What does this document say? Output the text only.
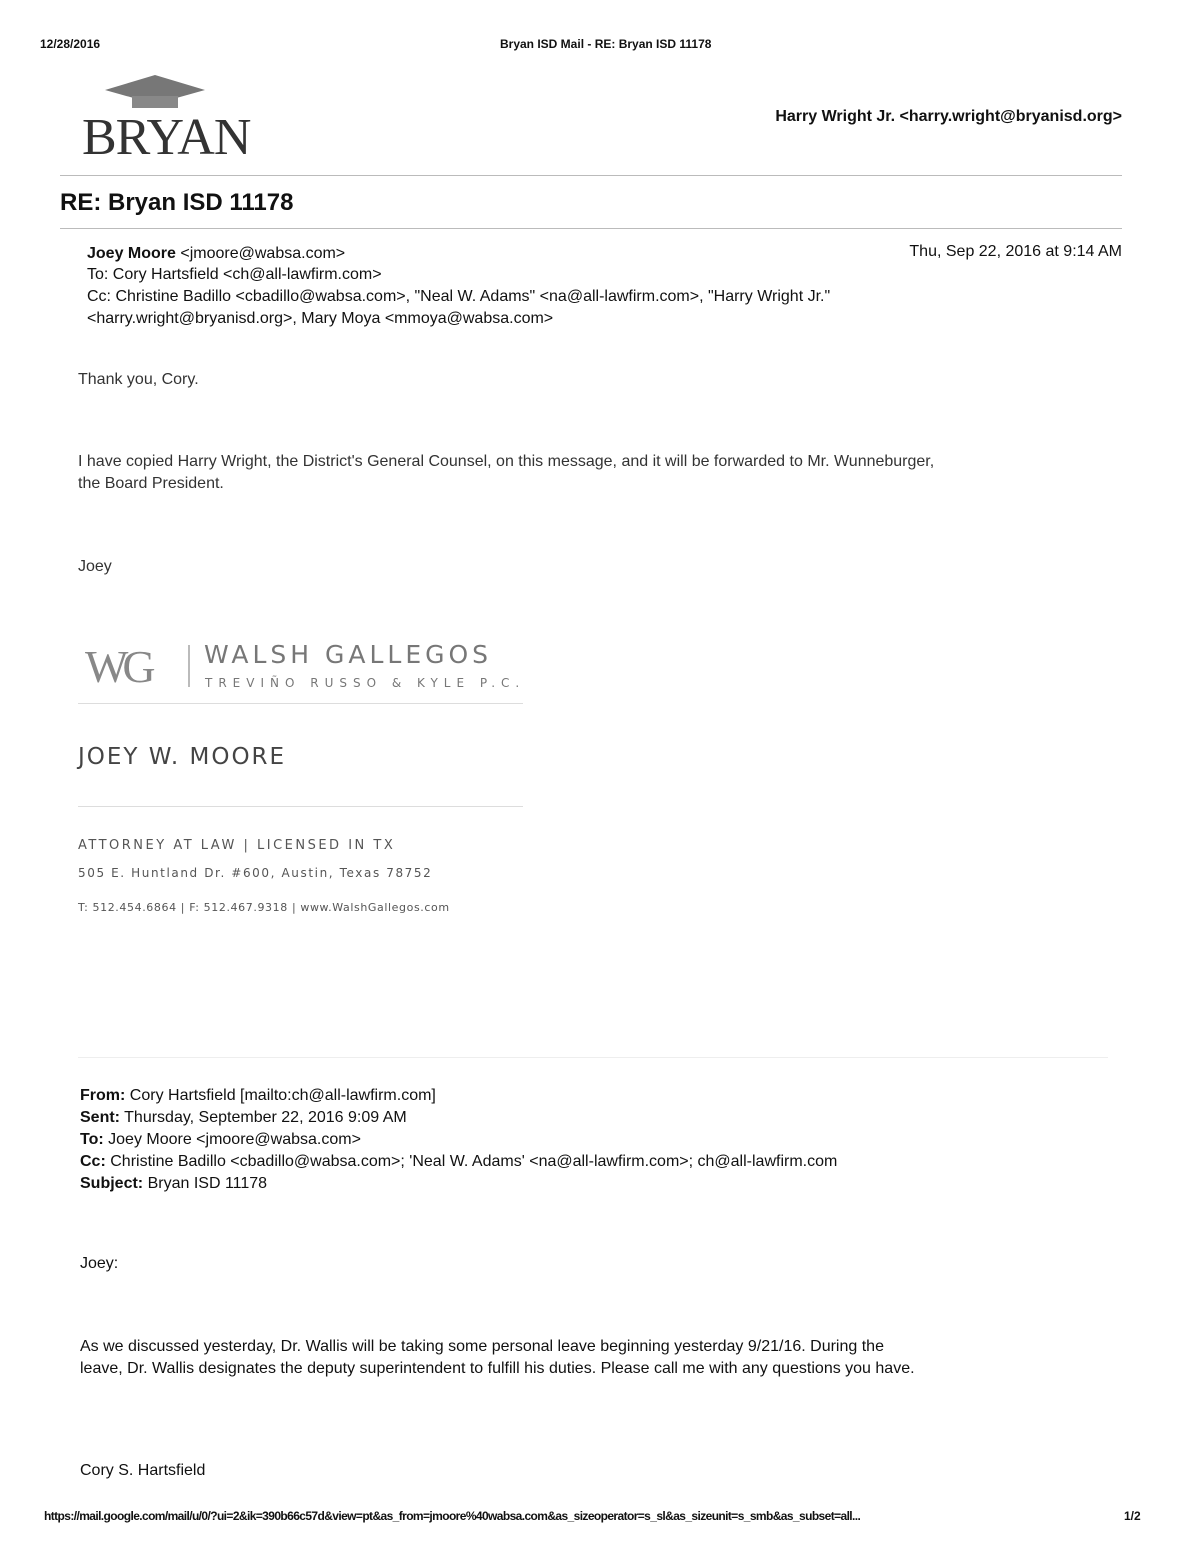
12/28/2016	Bryan ISD Mail - RE: Bryan ISD 11178
BRYAN	Harry Wright Jr. <harry.wright@bryanisd.org>
RE: Bryan ISD 11178
Joey Moore <jmoore@wabsa.com>	Thu, Sep 22, 2016 at 9:14 AM
To: Cory Hartsfield <ch@all-lawfirm.com>
Cc: Christine Badillo <cbadillo@wabsa.com>, "Neal W. Adams" <na@all-lawfirm.com>, "Harry Wright Jr."
<harry.wright@bryanisd.org>, Mary Moya <mmoya@wabsa.com>
Thank you, Cory.
I have copied Harry Wright, the District's General Counsel, on this message, and it will be forwarded to Mr. Wunneburger,
the Board President.
Joey
WG WALSH GALLEGOS
TREVIÑO RUSSO & KYLE P.C.
JOEY W. MOORE
ATTORNEY AT LAW | LICENSED IN TX
505 E. Huntland Dr. #600, Austin, Texas 78752
T: 512.454.6864 | F: 512.467.9318 | www.WalshGallegos.com
From: Cory Hartsfield [mailto:ch@all-lawfirm.com]
Sent: Thursday, September 22, 2016 9:09 AM
To: Joey Moore <jmoore@wabsa.com>
Cc: Christine Badillo <cbadillo@wabsa.com>; 'Neal W. Adams' <na@all-lawfirm.com>; ch@all-lawfirm.com
Subject: Bryan ISD 11178
Joey:
As we discussed yesterday, Dr. Wallis will be taking some personal leave beginning yesterday 9/21/16. During the
leave, Dr. Wallis designates the deputy superintendent to fulfill his duties. Please call me with any questions you have.
Cory S. Hartsfield
https://mail.google.com/mail/u/0/?ui=2&ik=390b66c57d&view=pt&as_from=jmoore%40wabsa.com&as_sizeoperator=s_sl&as_sizeunit=s_smb&as_subset=all...	1/2
